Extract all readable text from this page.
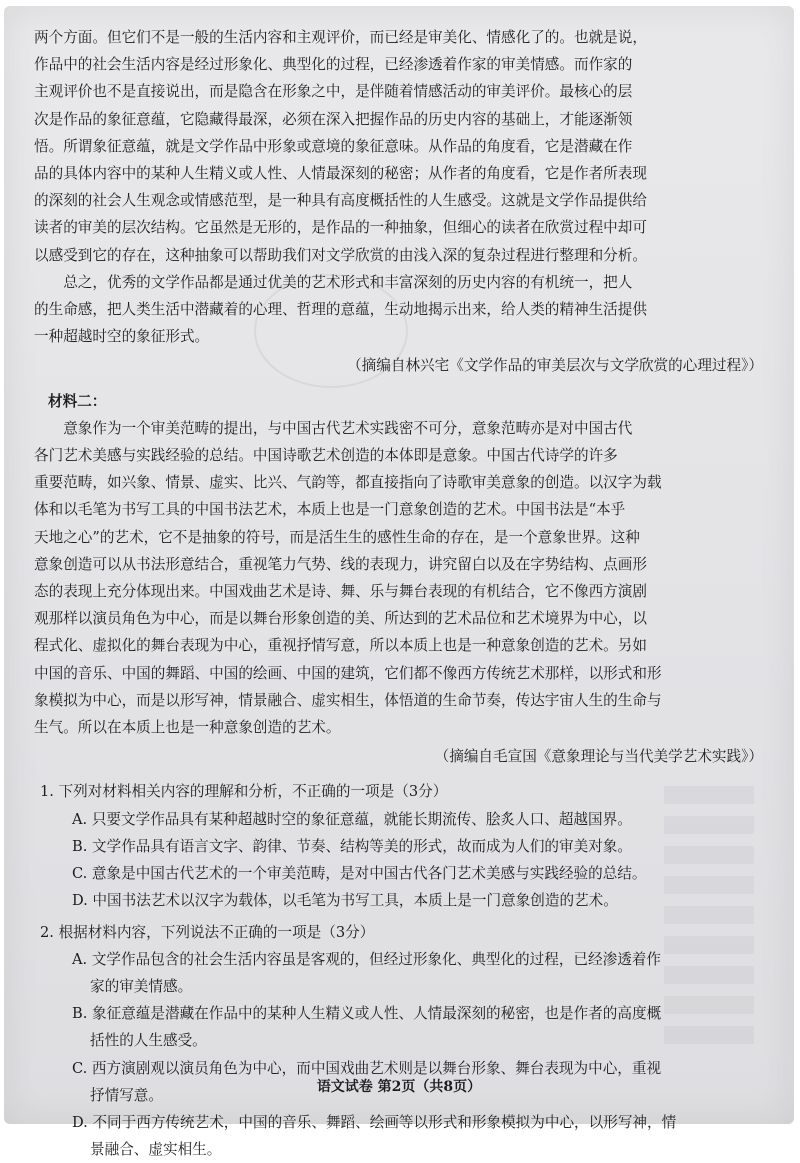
两个方面。但它们不是一般的生活内容和主观评价，而已经是审美化、情感化了的。也就是说，
作品中的社会生活内容是经过形象化、典型化的过程，已经渗透着作家的审美情感。而作家的
主观评价也不是直接说出，而是隐含在形象之中，是伴随着情感活动的审美评价。最核心的层
次是作品的象征意蕴，它隐藏得最深，必须在深入把握作品的历史内容的基础上，才能逐渐领
悟。所谓象征意蕴，就是文学作品中形象或意境的象征意味。从作品的角度看，它是潜藏在作
品的具体内容中的某种人生精义或人性、人情最深刻的秘密；从作者的角度看，它是作者所表现
的深刻的社会人生观念或情感范型，是一种具有高度概括性的人生感受。这就是文学作品提供给
读者的审美的层次结构。它虽然是无形的，是作品的一种抽象，但细心的读者在欣赏过程中却可
以感受到它的存在，这种抽象可以帮助我们对文学欣赏的由浅入深的复杂过程进行整理和分析。
总之，优秀的文学作品都是通过优美的艺术形式和丰富深刻的历史内容的有机统一，把人
的生命感，把人类生活中潜藏着的心理、哲理的意蕴，生动地揭示出来，给人类的精神生活提供
一种超越时空的象征形式。
（摘编自林兴宅《文学作品的审美层次与文学欣赏的心理过程》）
材料二：
意象作为一个审美范畴的提出，与中国古代艺术实践密不可分，意象范畴亦是对中国古代
各门艺术美感与实践经验的总结。中国诗歌艺术创造的本体即是意象。中国古代诗学的许多
重要范畴，如兴象、情景、虚实、比兴、气韵等，都直接指向了诗歌审美意象的创造。以汉字为载
体和以毛笔为书写工具的中国书法艺术，本质上也是一门意象创造的艺术。中国书法是“本乎
天地之心”的艺术，它不是抽象的符号，而是活生生的感性生命的存在，是一个意象世界。这种
意象创造可以从书法形意结合，重视笔力气势、线的表现力，讲究留白以及在字势结构、点画形
态的表现上充分体现出来。中国戏曲艺术是诗、舞、乐与舞台表现的有机结合，它不像西方演剧
观那样以演员角色为中心，而是以舞台形象创造的美、所达到的艺术品位和艺术境界为中心，以
程式化、虚拟化的舞台表现为中心，重视抒情写意，所以本质上也是一种意象创造的艺术。另如
中国的音乐、中国的舞蹈、中国的绘画、中国的建筑，它们都不像西方传统艺术那样，以形式和形
象模拟为中心，而是以形写神，情景融合、虚实相生，体悟道的生命节奏，传达宇宙人生的生命与
生气。所以在本质上也是一种意象创造的艺术。
（摘编自毛宣国《意象理论与当代美学艺术实践》）
1. 下列对材料相关内容的理解和分析，不正确的一项是（3分）
A. 只要文学作品具有某种超越时空的象征意蕴，就能长期流传、脍炙人口、超越国界。
B. 文学作品具有语言文字、韵律、节奏、结构等美的形式，故而成为人们的审美对象。
C. 意象是中国古代艺术的一个审美范畴，是对中国古代各门艺术美感与实践经验的总结。
D. 中国书法艺术以汉字为载体，以毛笔为书写工具，本质上是一门意象创造的艺术。
2. 根据材料内容，下列说法不正确的一项是（3分）
A. 文学作品包含的社会生活内容虽是客观的，但经过形象化、典型化的过程，已经渗透着作
家的审美情感。
B. 象征意蕴是潜藏在作品中的某种人生精义或人性、人情最深刻的秘密，也是作者的高度概
括性的人生感受。
C. 西方演剧观以演员角色为中心，而中国戏曲艺术则是以舞台形象、舞台表现为中心，重视
抒情写意。
D. 不同于西方传统艺术，中国的音乐、舞蹈、绘画等以形式和形象模拟为中心，以形写神，情
景融合、虚实相生。
语文试卷 第2页（共8页）
